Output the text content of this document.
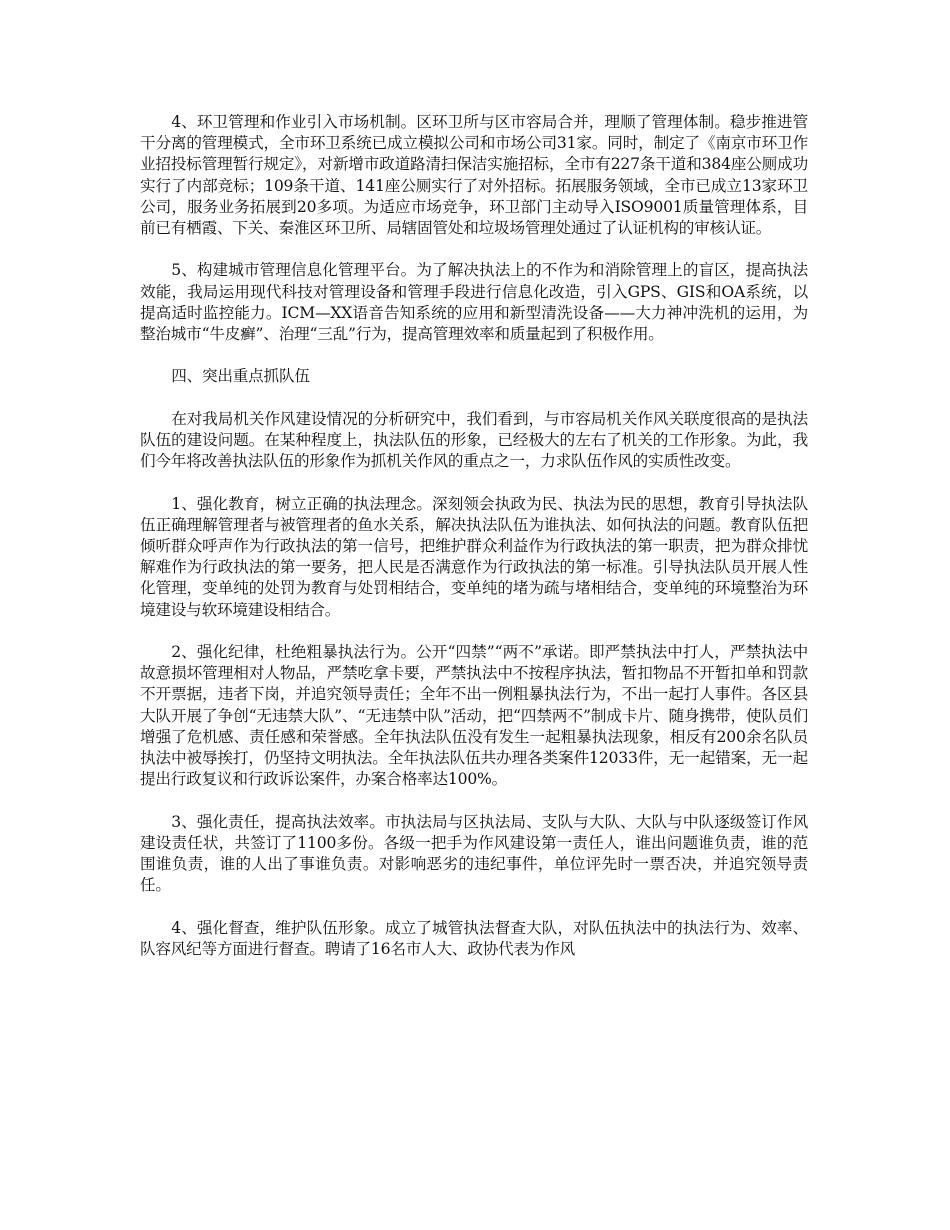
4、环卫管理和作业引入市场机制。区环卫所与区市容局合并，理顺了管理体制。稳步推进管干分离的管理模式，全市环卫系统已成立模拟公司和市场公司31家。同时，制定了《南京市环卫作业招投标管理暂行规定》，对新增市政道路清扫保洁实施招标，全市有227条干道和384座公厕成功实行了内部竞标；109条干道、141座公厕实行了对外招标。拓展服务领域，全市已成立13家环卫公司，服务业务拓展到20多项。为适应市场竞争，环卫部门主动导入ISO9001质量管理体系，目前已有栖霞、下关、秦淮区环卫所、局辖固管处和垃圾场管理处通过了认证机构的审核认证。

5、构建城市管理信息化管理平台。为了解决执法上的不作为和消除管理上的盲区，提高执法效能，我局运用现代科技对管理设备和管理手段进行信息化改造，引入GPS、GIS和OA系统，以提高适时监控能力。ICM—XX语音告知系统的应用和新型清洗设备——大力神冲洗机的运用，为整治城市“牛皮癣”、治理“三乱”行为，提高管理效率和质量起到了积极作用。

四、突出重点抓队伍

在对我局机关作风建设情况的分析研究中，我们看到，与市容局机关作风关联度很高的是执法队伍的建设问题。在某种程度上，执法队伍的形象，已经极大的左右了机关的工作形象。为此，我们今年将改善执法队伍的形象作为抓机关作风的重点之一，力求队伍作风的实质性改变。

1、强化教育，树立正确的执法理念。深刻领会执政为民、执法为民的思想，教育引导执法队伍正确理解管理者与被管理者的鱼水关系，解决执法队伍为谁执法、如何执法的问题。教育队伍把倾听群众呼声作为行政执法的第一信号，把维护群众利益作为行政执法的第一职责，把为群众排忧解难作为行政执法的第一要务，把人民是否满意作为行政执法的第一标准。引导执法队员开展人性化管理，变单纯的处罚为教育与处罚相结合，变单纯的堵为疏与堵相结合，变单纯的环境整治为环境建设与软环境建设相结合。

2、强化纪律，杜绝粗暴执法行为。公开“四禁”“两不”承诺。即严禁执法中打人，严禁执法中故意损坏管理相对人物品，严禁吃拿卡要，严禁执法中不按程序执法，暂扣物品不开暂扣单和罚款不开票据，违者下岗，并追究领导责任；全年不出一例粗暴执法行为，不出一起打人事件。各区县大队开展了争创“无违禁大队”、“无违禁中队”活动，把“四禁两不”制成卡片、随身携带，使队员们增强了危机感、责任感和荣誉感。全年执法队伍没有发生一起粗暴执法现象，相反有200余名队员执法中被辱挨打，仍坚持文明执法。全年执法队伍共办理各类案件12033件，无一起错案，无一起提出行政复议和行政诉讼案件，办案合格率达100%。

3、强化责任，提高执法效率。市执法局与区执法局、支队与大队、大队与中队逐级签订作风建设责任状，共签订了1100多份。各级一把手为作风建设第一责任人，谁出问题谁负责，谁的范围谁负责，谁的人出了事谁负责。对影响恶劣的违纪事件，单位评先时一票否决，并追究领导责任。

4、强化督查，维护队伍形象。成立了城管执法督查大队，对队伍执法中的执法行为、效率、队容风纪等方面进行督查。聘请了16名市人大、政协代表为作风
